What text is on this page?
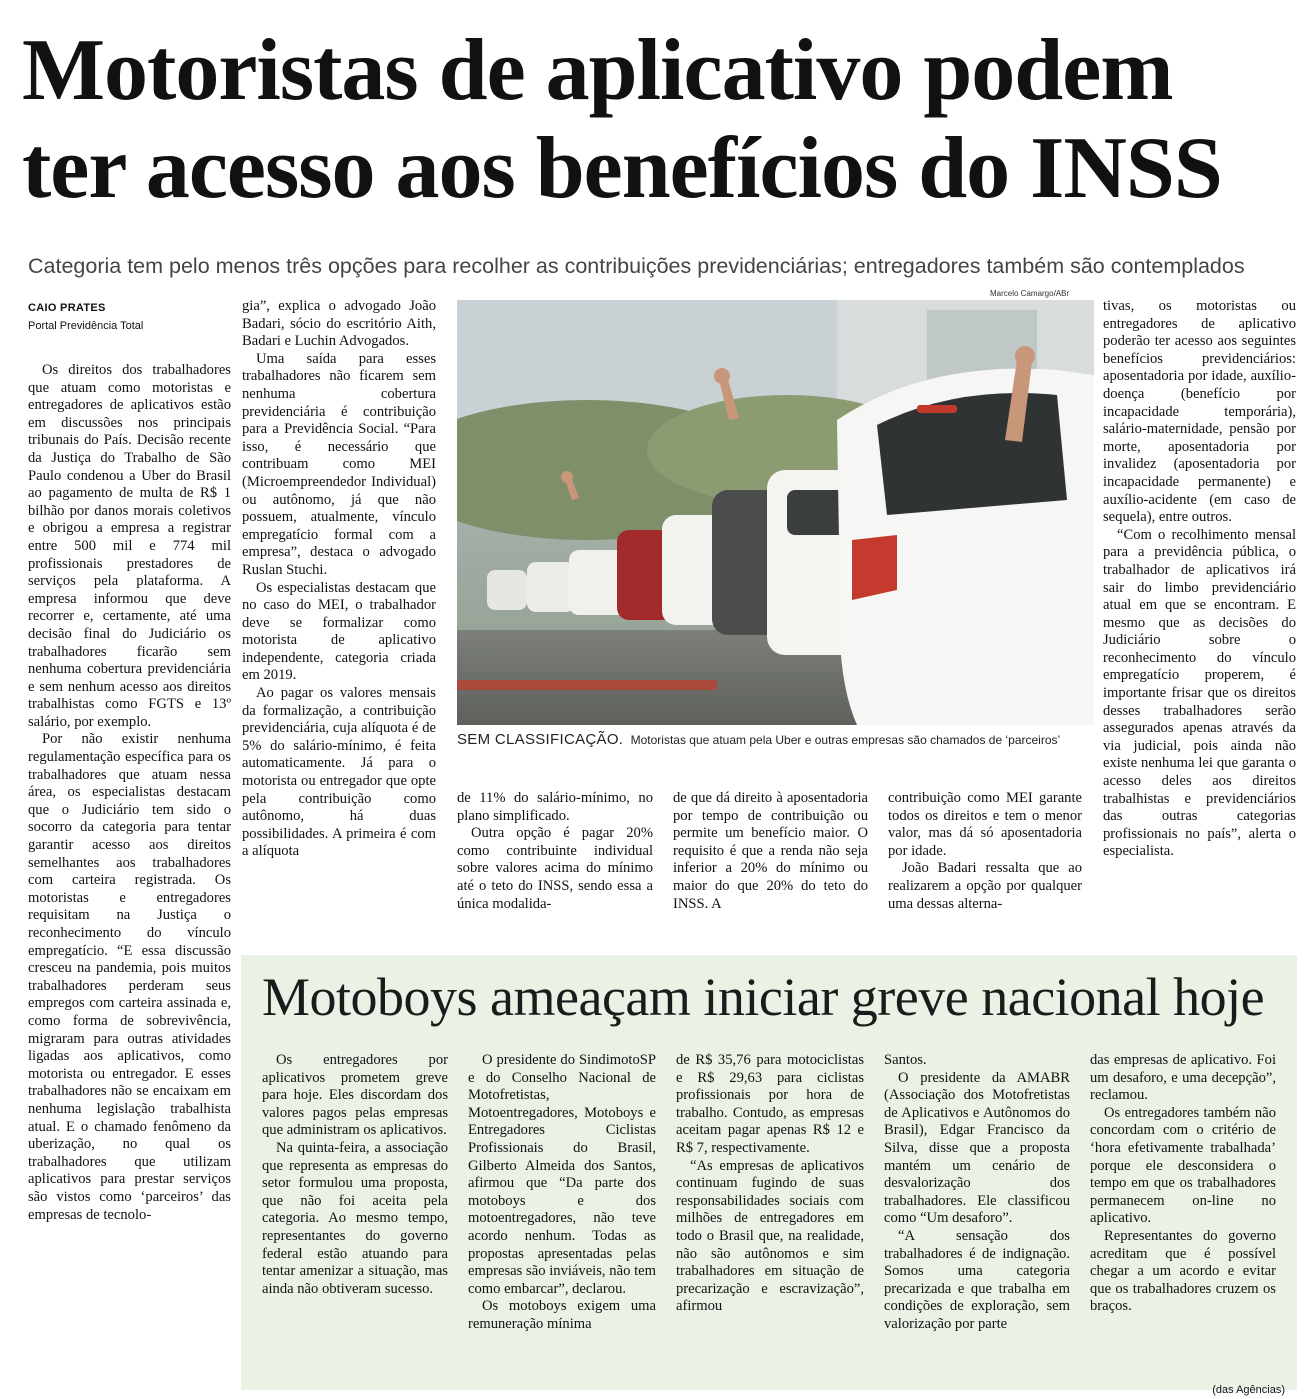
Motoristas de aplicativo podem ter acesso aos benefícios do INSS
Categoria tem pelo menos três opções para recolher as contribuições previdenciárias; entregadores também são contemplados
CAIO PRATES
Portal Previdência Total

Os direitos dos trabalhadores que atuam como motoristas e entregadores de aplicativos estão em discussões nos principais tribunais do País. Decisão recente da Justiça do Trabalho de São Paulo condenou a Uber do Brasil ao pagamento de multa de R$ 1 bilhão por danos morais coletivos e obrigou a empresa a registrar entre 500 mil e 774 mil profissionais prestadores de serviços pela plataforma. A empresa informou que deve recorrer e, certamente, até uma decisão final do Judiciário os trabalhadores ficarão sem nenhuma cobertura previdenciária e sem nenhum acesso aos direitos trabalhistas como FGTS e 13º salário, por exemplo.

Por não existir nenhuma regulamentação específica para os trabalhadores que atuam nessa área, os especialistas destacam que o Judiciário tem sido o socorro da categoria para tentar garantir acesso aos direitos semelhantes aos trabalhadores com carteira registrada. Os motoristas e entregadores requisitam na Justiça o reconhecimento do vínculo empregatício. “E essa discussão cresceu na pandemia, pois muitos trabalhadores perderam seus empregos com carteira assinada e, como forma de sobrevivência, migraram para outras atividades ligadas aos aplicativos, como motorista ou entregador. E esses trabalhadores não se encaixam em nenhuma legislação trabalhista atual. E o chamado fenômeno da uberização, no qual os trabalhadores que utilizam aplicativos para prestar serviços são vistos como ‘parceiros’ das empresas de tecnolo-

gia”, explica o advogado João Badari, sócio do escritório Aith, Badari e Luchin Advogados.

Uma saída para esses trabalhadores não ficarem sem nenhuma cobertura previdenciária é contribuição para a Previdência Social. “Para isso, é necessário que contribuam como MEI (Microempreendedor Individual) ou autônomo, já que não possuem, atualmente, vínculo empregatício formal com a empresa”, destaca o advogado Ruslan Stuchi.

Os especialistas destacam que no caso do MEI, o trabalhador deve se formalizar como motorista de aplicativo independente, categoria criada em 2019.

Ao pagar os valores mensais da formalização, a contribuição previdenciária, cuja alíquota é de 5% do salário-mínimo, é feita automaticamente. Já para o motorista ou entregador que opte pela contribuição como autônomo, há duas possibilidades. A primeira é com a alíquota

Marcelo Camargo/ABr
SEM CLASSIFICAÇÃO. Motoristas que atuam pela Uber e outras empresas são chamados de ‘parceiros’

de 11% do salário-mínimo, no plano simplificado.

Outra opção é pagar 20% como contribuinte individual sobre valores acima do mínimo até o teto do INSS, sendo essa a única modalida-

de que dá direito à aposentadoria por tempo de contribuição ou permite um benefício maior. O requisito é que a renda não seja inferior a 20% do mínimo ou maior do que 20% do teto do INSS. A

contribuição como MEI garante todos os direitos e tem o menor valor, mas dá só aposentadoria por idade.

João Badari ressalta que ao realizarem a opção por qualquer uma dessas alterna-

tivas, os motoristas ou entregadores de aplicativo poderão ter acesso aos seguintes benefícios previdenciários: aposentadoria por idade, auxílio-doença (benefício por incapacidade temporária), salário-maternidade, pensão por morte, aposentadoria por invalidez (aposentadoria por incapacidade permanente) e auxílio-acidente (em caso de sequela), entre outros.

“Com o recolhimento mensal para a previdência pública, o trabalhador de aplicativos irá sair do limbo previdenciário atual em que se encontram. E mesmo que as decisões do Judiciário sobre o reconhecimento do vínculo empregatício properem, é importante frisar que os direitos desses trabalhadores serão assegurados apenas através da via judicial, pois ainda não existe nenhuma lei que garanta o acesso deles aos direitos trabalhistas e previdenciários das outras categorias profissionais no país”, alerta o especialista.

Motoboys ameaçam iniciar greve nacional hoje

Os entregadores por aplicativos prometem greve para hoje. Eles discordam dos valores pagos pelas empresas que administram os aplicativos.

Na quinta-feira, a associação que representa as empresas do setor formulou uma proposta, que não foi aceita pela categoria. Ao mesmo tempo, representantes do governo federal estão atuando para tentar amenizar a situação, mas ainda não obtiveram sucesso.

O presidente do SindimotoSP e do Conselho Nacional de Motofretistas, Motoentregadores, Motoboys e Entregadores Ciclistas Profissionais do Brasil, Gilberto Almeida dos Santos, afirmou que “Da parte dos motoboys e dos motoentregadores, não teve acordo nenhum. Todas as propostas apresentadas pelas empresas são inviáveis, não tem como embarcar”, declarou.

Os motoboys exigem uma remuneração mínima

de R$ 35,76 para motociclistas e R$ 29,63 para ciclistas profissionais por hora de trabalho. Contudo, as empresas aceitam pagar apenas R$ 12 e R$ 7, respectivamente.

“As empresas de aplicativos continuam fugindo de suas responsabilidades sociais com milhões de entregadores em todo o Brasil que, na realidade, não são autônomos e sim trabalhadores em situação de precarização e escravização”, afirmou

Santos.

O presidente da AMABR (Associação dos Motofretistas de Aplicativos e Autônomos do Brasil), Edgar Francisco da Silva, disse que a proposta mantém um cenário de desvalorização dos trabalhadores. Ele classificou como “Um desaforo”.

“A sensação dos trabalhadores é de indignação. Somos uma categoria precarizada e que trabalha em condições de exploração, sem valorização por parte

das empresas de aplicativo. Foi um desaforo, e uma decepção”, reclamou.

Os entregadores também não concordam com o critério de ‘hora efetivamente trabalhada’ porque ele desconsidera o tempo em que os trabalhadores permanecem on-line no aplicativo.

Representantes do governo acreditam que é possível chegar a um acordo e evitar que os trabalhadores cruzem os braços.

(das Agências)
